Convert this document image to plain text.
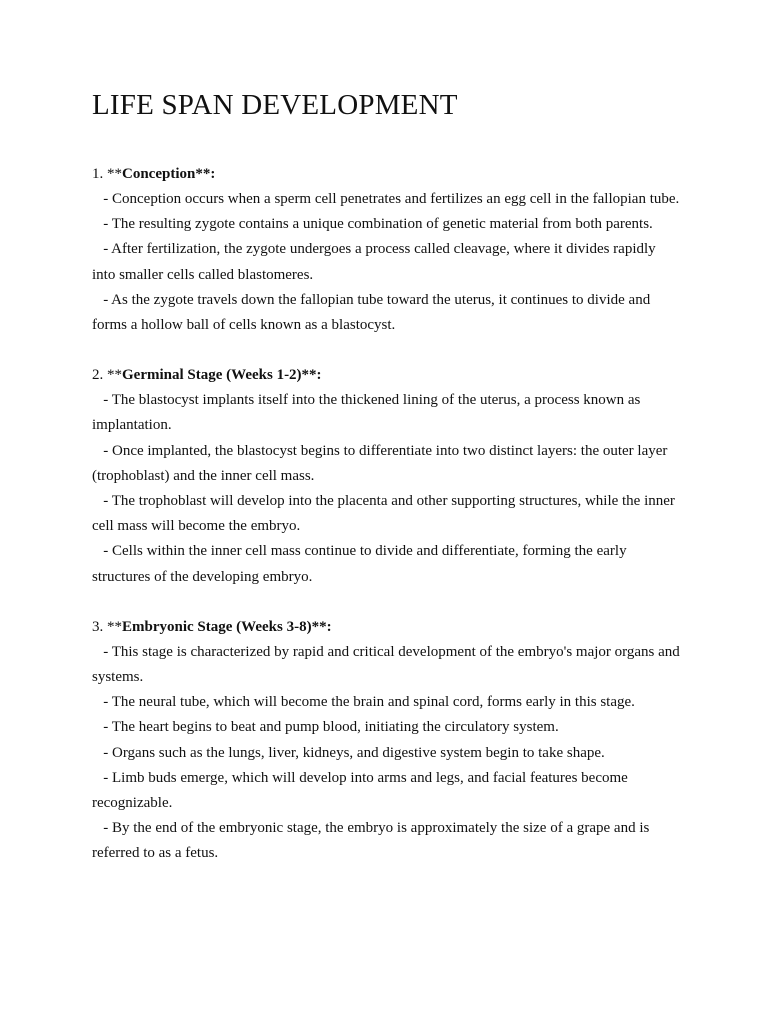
LIFE SPAN DEVELOPMENT

1. **Conception**:

- Conception occurs when a sperm cell penetrates and fertilizes an egg cell in the fallopian tube.
- The resulting zygote contains a unique combination of genetic material from both parents.
- After fertilization, the zygote undergoes a process called cleavage, where it divides rapidly into smaller cells called blastomeres.
- As the zygote travels down the fallopian tube toward the uterus, it continues to divide and forms a hollow ball of cells known as a blastocyst.

2. **Germinal Stage (Weeks 1-2)**:

- The blastocyst implants itself into the thickened lining of the uterus, a process known as implantation.
- Once implanted, the blastocyst begins to differentiate into two distinct layers: the outer layer (trophoblast) and the inner cell mass.
- The trophoblast will develop into the placenta and other supporting structures, while the inner cell mass will become the embryo.
- Cells within the inner cell mass continue to divide and differentiate, forming the early structures of the developing embryo.

3. **Embryonic Stage (Weeks 3-8)**:

- This stage is characterized by rapid and critical development of the embryo's major organs and systems.
- The neural tube, which will become the brain and spinal cord, forms early in this stage.
- The heart begins to beat and pump blood, initiating the circulatory system.
- Organs such as the lungs, liver, kidneys, and digestive system begin to take shape.
- Limb buds emerge, which will develop into arms and legs, and facial features become recognizable.
- By the end of the embryonic stage, the embryo is approximately the size of a grape and is referred to as a fetus.
